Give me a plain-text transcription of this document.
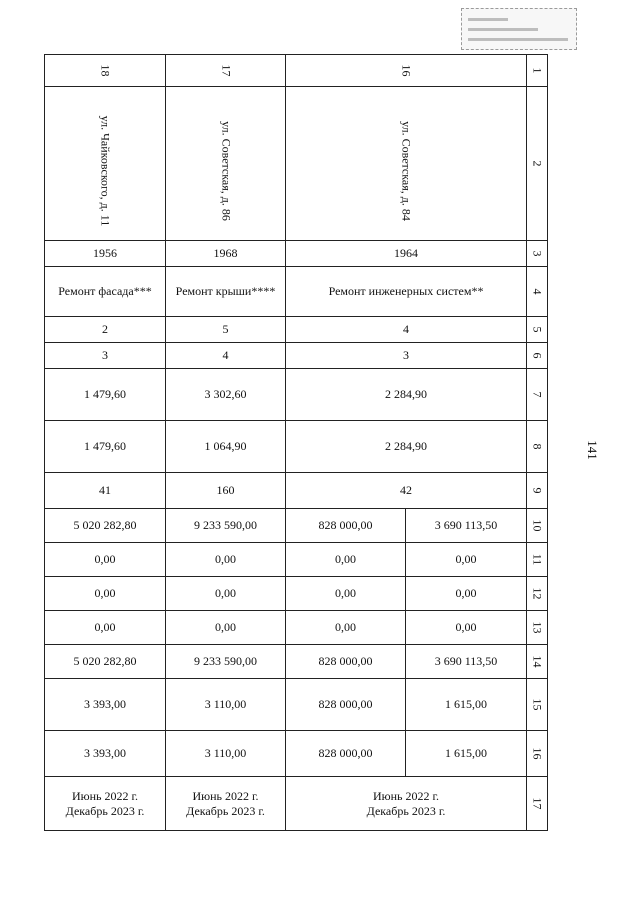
18	17	16		1

ул. Чайковского, д. 11	ул. Советская, д. 86	ул. Советская, д. 84		2
1956	1968	1964		3
Ремонт фасада***	Ремонт крыши****	Ремонт инженерных систем**		4
2	5	4		5
3	4	3		6
1 479,60	3 302,60	2 284,90		7
1 479,60	1 064,90	2 284,90		8
41	160	42		9
5 020 282,80	9 233 590,00	828 000,00	3 690 113,50	10
0,00	0,00	0,00	0,00	11
0,00	0,00	0,00	0,00	12
0,00	0,00	0,00	0,00	13
5 020 282,80	9 233 590,00	828 000,00	3 690 113,50	14
3 393,00	3 110,00	828 000,00	1 615,00	15
3 393,00	3 110,00	828 000,00	1 615,00	16

Июнь 2022 г.
Декабрь 2023 г.	Июнь 2022 г.
Декабрь 2023 г.	Июнь 2022 г.
Декабрь 2023 г.		17
141
